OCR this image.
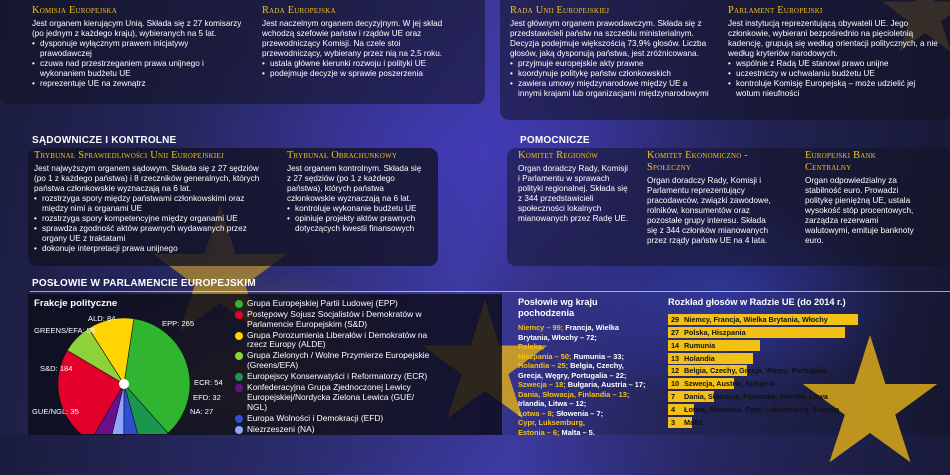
Komisja Europejska
Jest organem kierującym Unią. Składa się z 27 komisarzy (po jednym z każdego kraju), wybieranych na 5 lat.
• dysponuje wyłącznym prawem inicjatywy prawodawczej
• czuwa nad przestrzeganiem prawa unijnego i wykonaniem budżetu UE
• reprezentuje UE na zewnątrz
Rada Europejska
Jest naczelnym organem decyzyjnym. W jej skład wchodzą szefowie państw i rządów UE oraz przewodniczący Komisji. Na czele stoi przewodniczący, wybierany przez nią na 2,5 roku.
• ustala główne kierunki rozwoju i polityki UE
• podejmuje decyzje w sprawie poszerzenia
Rada Unii Europejskiej
Jest głównym organem prawodawczym. Składa się z przedstawicieli państw na szczeblu ministerialnym. Decyzja podejmuje większością 73,9% głosów. Liczba głosów, jaką dysponują państwa, jest zróżnicowana.
• przyjmuje europejskie akty prawne
• koordynuje politykę państw członkowskich
• zawiera umowy międzynarodowe między UE a innymi krajami lub organizacjami międzynarodowymi
Parlament Europejski
Jest instytucją reprezentującą obywateli UE. Jego członkowie, wybierani bezpośrednio na pięcioletnią kadencję, grupują się według orientacji politycznych, a nie według kryteriów narodowych.
• wspólnie z Radą UE stanowi prawo unijne
• uczestniczy w uchwalaniu budżetu UE
• kontroluje Komisję Europejską – może udzielić jej wotum nieufności
SĄDOWNICZE I KONTROLNE	POMOCNICZE
Trybunał Sprawiedliwości Unii Europejskiej
Jest najwyższym organem sądowym. Składa się z 27 sędziów (po 1 z każdego państwa) i 8 rzeczników generalnych, których państwa członkowskie wyznaczają na 6 lat.
• rozstrzyga spory między państwami członkowskimi oraz między nimi a organami UE
• rozstrzyga spory kompetencyjne między organami UE
• sprawdza zgodność aktów prawnych wydawanych przez organy UE z traktatami
• dokonuje interpretacji prawa unijnego
Trybunał Obrachunkowy
Jest organem kontrolnym. Składa się z 27 sędziów (po 1 z każdego państwa), których państwa członkowskie wyznaczają na 6 lat.
• kontroluje wykonanie budżetu UE
• opiniuje projekty aktów prawnych dotyczących kwestii finansowych
Komitet Regionów
Organ doradczy Rady, Komisji i Parlamentu w sprawach polityki regionalnej. Składa się z 344 przedstawicieli społeczności lokalnych mianowanych przez Radę UE.
Komitet Ekonomiczno -Społeczny
Organ doradczy Rady, Komisji i Parlamentu reprezentujący pracodawców, związki zawodowe, rolników, konsumentów oraz pozostałe grupy interesu. Składa się z 344 członków mianowanych przez rządy państw UE na 4 lata.
Europejski Bank Centralny
Organ odpowiedzialny za stabilność euro. Prowadzi politykę pieniężną UE, ustala wysokość stóp procentowych, zarządza rezerwami walutowymi, emituje banknoty euro.
POSŁOWIE W PARLAMENCIE EUROPEJSKIM
Frakcje polityczne
ALD: 84
GREENS/EFA: 55
EPP: 265
S&D: 184
ECR: 54
EFD: 32
NA: 27
GUE/NGL: 35
Grupa Europejskiej Partii Ludowej (EPP)
Postępowy Sojusz Socjalistów i Demokratów w Parlamencie Europejskim (S&D)
Grupa Porozumienia Liberałów i Demokratów na rzecz Europy (ALDE)
Grupa Zielonych / Wolne Przymierze Europejskie (Greens/EFA)
Europejscy Konserwatyści i Reformatorzy (ECR)
Konfederacyjna Grupa Zjednoczonej Lewicy Europejskiej/Nordycka Zielona Lewica (GUE/ NGL)
Europa Wolności i Demokracji (EFD)
Niezrzeszeni (NA)
Posłowie wg kraju pochodzenia
Niemcy – 99; Francja, Wielka Brytania, Włochy – 72;
Polska,
Hiszpania – 50; Rumunia – 33; Holandia – 25; Belgia, Czechy,
Grecja, Węgry, Portugalia – 22; Szwecja – 18; Bułgaria, Austria – 17;
Dania, Słowacja, Finlandia – 13;
Irlandia, Litwa – 12;
Łotwa – 8; Słowenia – 7;
Cypr, Luksemburg,
Estonia – 6; Malta – 5.
Rozkład głosów w Radzie UE (do 2014 r.)
29 Niemcy, Francja, Wielka Brytania, Włochy
27 Polska, Hiszpania
14 Rumunia
13 Holandia
12 Belgia, Czechy, Grecja, Węgry, Portugalia
10 Szwecja, Austria, Bułgaria
7 Dania, Słowacja, Finlandia, Irlandia, Litwa
4 Łotwa, Słowenia, Cypr, Luksemburg, Estonia
3 Malta
